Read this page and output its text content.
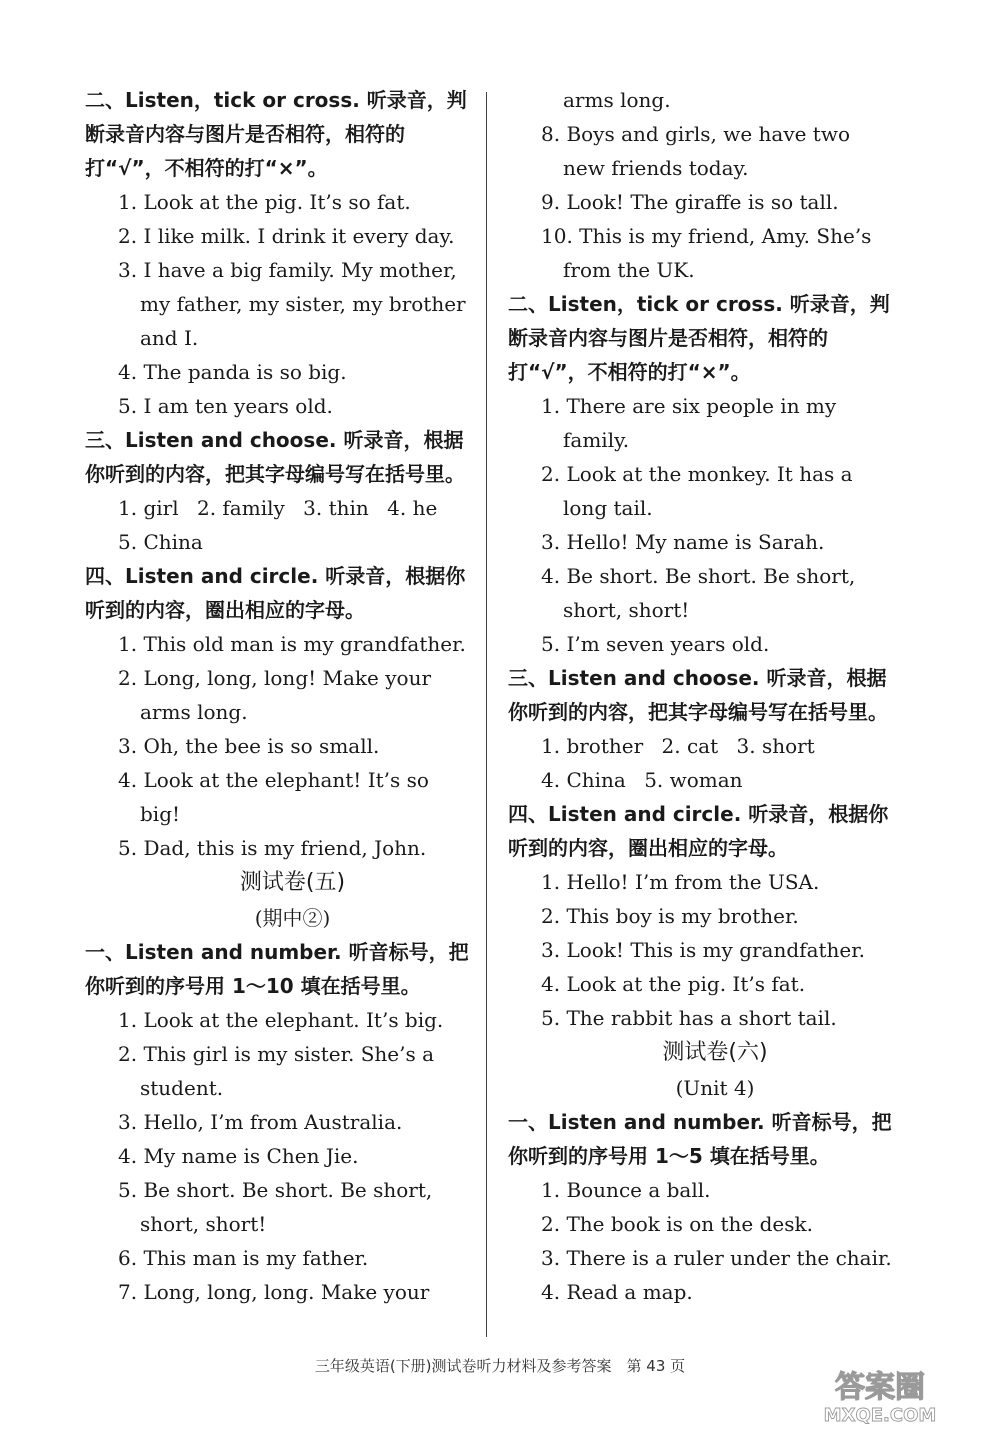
二、Listen，tick or cross. 听录音，判断录音内容与图片是否相符，相符的打“√”，不相符的打“×”。

1. Look at the pig. It’s so fat.

2. I like milk. I drink it every day.

3. I have a big family. My mother, my father, my sister, my brother and I.

4. The panda is so big.

5. I am ten years old.

三、Listen and choose. 听录音，根据你听到的内容，把其字母编号写在括号里。

1. girl 2. family 3. thin 4. he

5. China

四、Listen and circle. 听录音，根据你听到的内容，圈出相应的字母。

1. This old man is my grandfather.

2. Long, long, long! Make your arms long.

3. Oh, the bee is so small.

4. Look at the elephant! It’s so big!

5. Dad, this is my friend, John.

测试卷(五)

(期中②)

一、Listen and number. 听音标号，把你听到的序号用 1～10 填在括号里。

1. Look at the elephant. It’s big.

2. This girl is my sister. She’s a student.

3. Hello, I’m from Australia.

4. My name is Chen Jie.

5. Be short. Be short. Be short, short, short!

6. This man is my father.

7. Long, long, long. Make your

arms long.

8. Boys and girls, we have two new friends today.

9. Look! The giraffe is so tall.

10. This is my friend, Amy. She’s from the UK.

二、Listen，tick or cross. 听录音，判断录音内容与图片是否相符，相符的打“√”，不相符的打“×”。

1. There are six people in my family.

2. Look at the monkey. It has a long tail.

3. Hello! My name is Sarah.

4. Be short. Be short. Be short, short, short!

5. I’m seven years old.

三、Listen and choose. 听录音，根据你听到的内容，把其字母编号写在括号里。

1. brother 2. cat 3. short

4. China 5. woman

四、Listen and circle. 听录音，根据你听到的内容，圈出相应的字母。

1. Hello! I’m from the USA.

2. This boy is my brother.

3. Look! This is my grandfather.

4. Look at the pig. It’s fat.

5. The rabbit has a short tail.

测试卷(六)

(Unit 4)

一、Listen and number. 听音标号，把你听到的序号用 1～5 填在括号里。

1. Bounce a ball.

2. The book is on the desk.

3. There is a ruler under the chair.

4. Read a map.

三年级英语(下册)测试卷听力材料及参考答案　第 43 页
答案圈
MXQE.COM
